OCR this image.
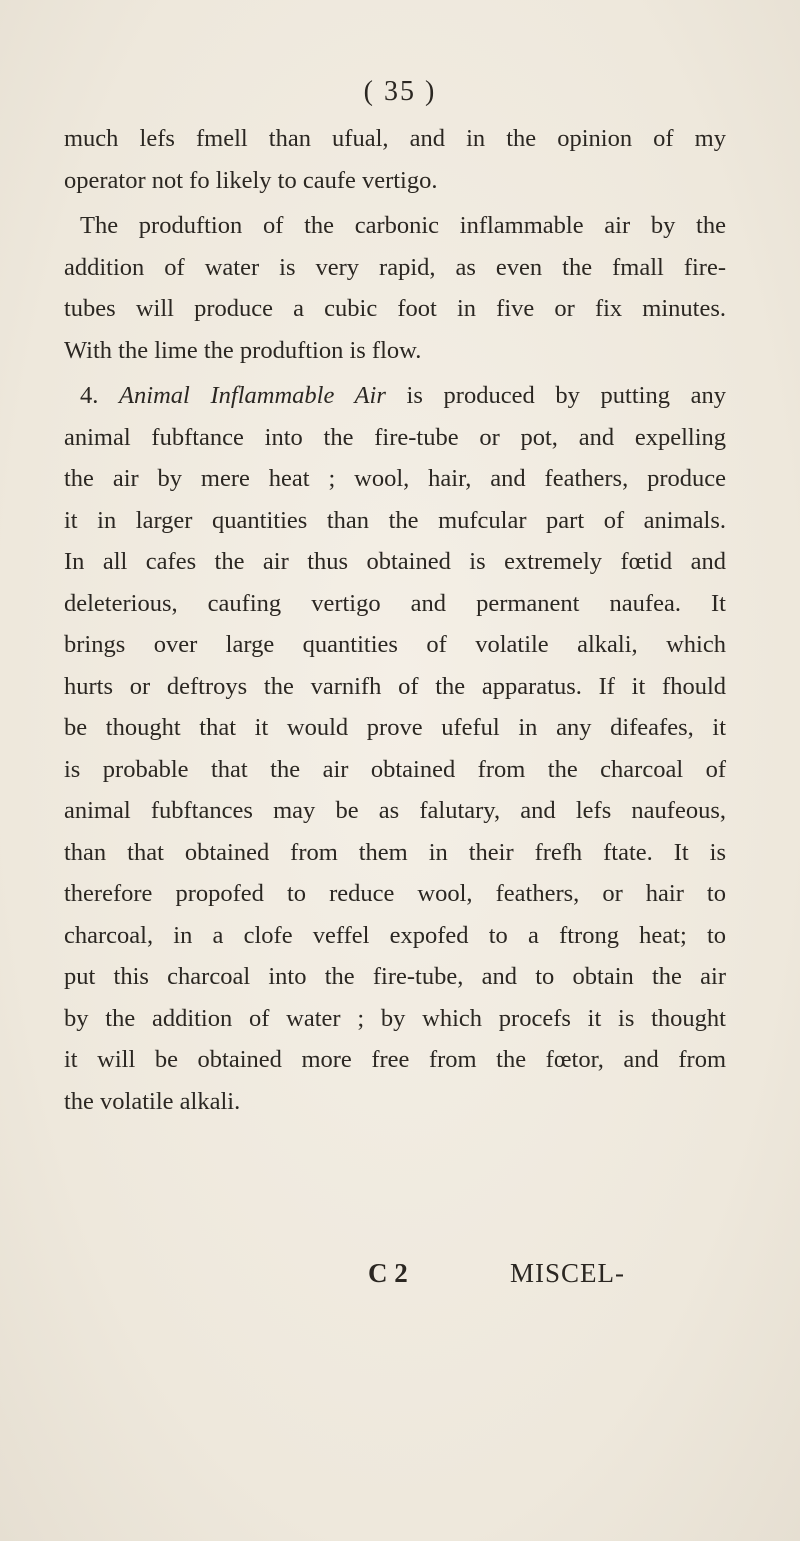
( 35 )
much lefs fmell than ufual, and in the opinion of my
operator not fo likely to caufe vertigo.
The produftion of the carbonic inflammable air by the
addition of water is very rapid, as even the fmall fire-
tubes will produce a cubic foot in five or fix minutes.
With the lime the produftion is flow.
4. Animal Inflammable Air is produced by putting any
animal fubftance into the fire-tube or pot, and expelling
the air by mere heat ; wool, hair, and feathers, produce
it in larger quantities than the mufcular part of animals.
In all cafes the air thus obtained is extremely fœtid and
deleterious, caufing vertigo and permanent naufea. It
brings over large quantities of volatile alkali, which
hurts or deftroys the varnifh of the apparatus. If it fhould
be thought that it would prove ufeful in any difeafes, it
is probable that the air obtained from the charcoal of
animal fubftances may be as falutary, and lefs naufeous,
than that obtained from them in their frefh ftate. It is
therefore propofed to reduce wool, feathers, or hair to
charcoal, in a clofe veffel expofed to a ftrong heat; to
put this charcoal into the fire-tube, and to obtain the air
by the addition of water ; by which procefs it is thought
it will be obtained more free from the fœtor, and from
the volatile alkali.
C 2	MISCEL-
